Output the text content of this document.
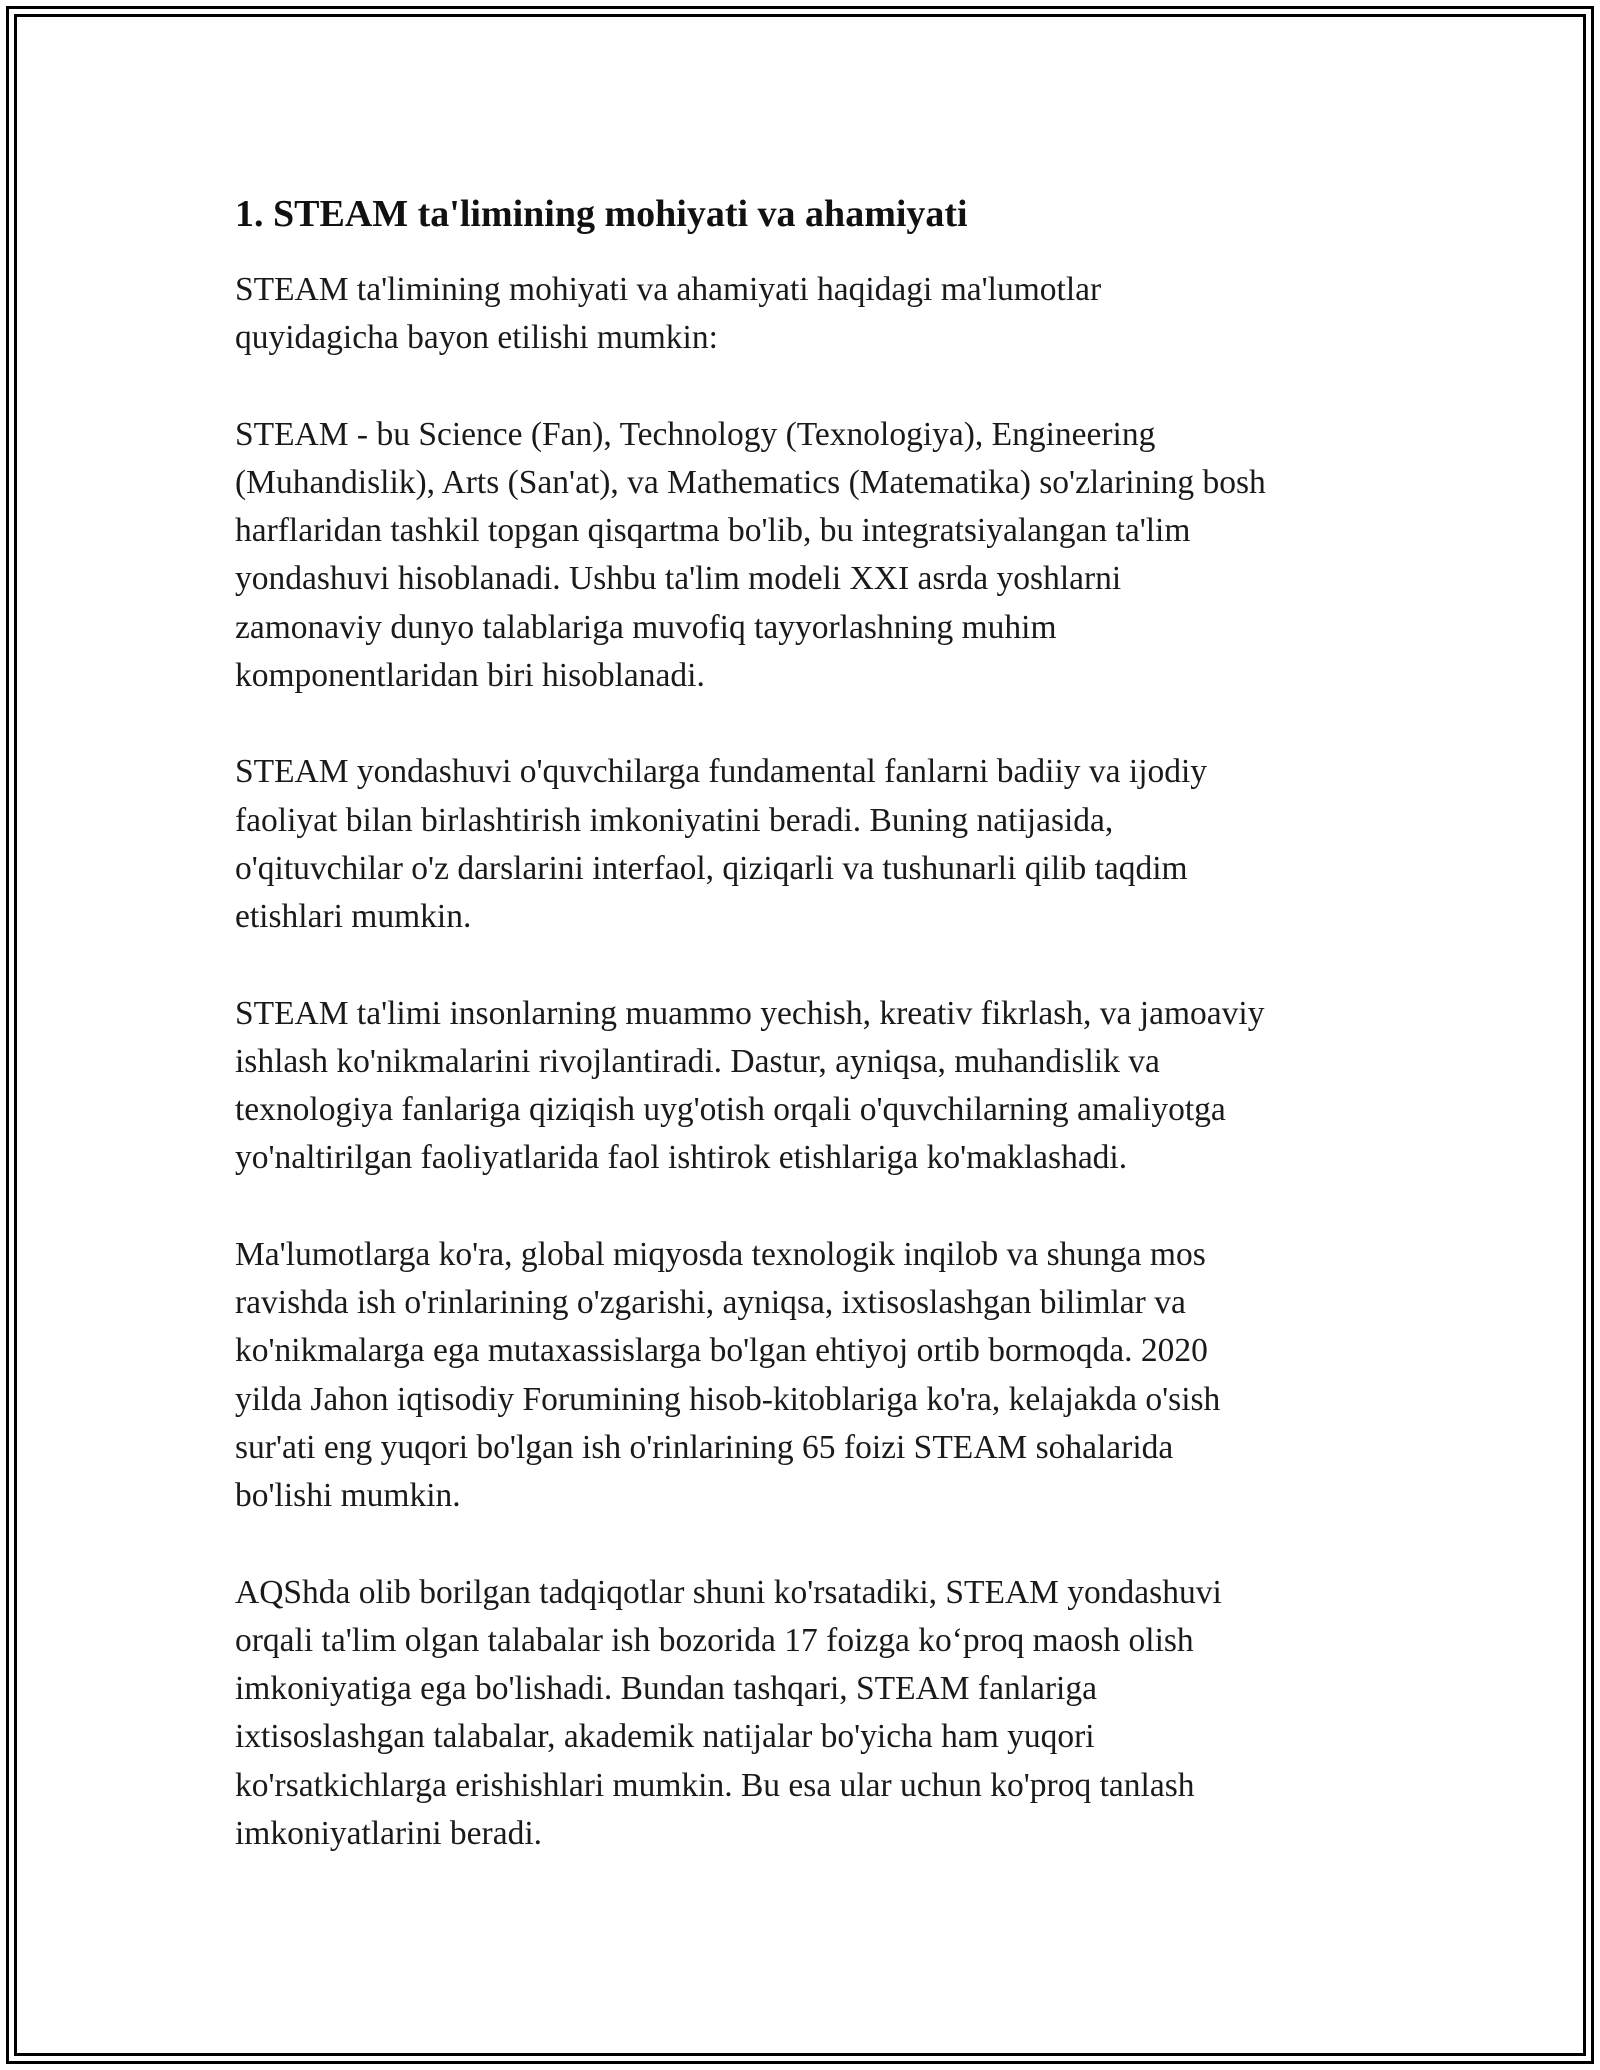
1. STEAM ta'limining mohiyati va ahamiyati
STEAM ta'limining mohiyati va ahamiyati haqidagi ma'lumotlar
quyidagicha bayon etilishi mumkin:
STEAM - bu Science (Fan), Technology (Texnologiya), Engineering
(Muhandislik), Arts (San'at), va Mathematics (Matematika) so'zlarining bosh
harflaridan tashkil topgan qisqartma bo'lib, bu integratsiyalangan ta'lim
yondashuvi hisoblanadi. Ushbu ta'lim modeli XXI asrda yoshlarni
zamonaviy dunyo talablariga muvofiq tayyorlashning muhim
komponentlaridan biri hisoblanadi.
STEAM yondashuvi o'quvchilarga fundamental fanlarni badiiy va ijodiy
faoliyat bilan birlashtirish imkoniyatini beradi. Buning natijasida,
o'qituvchilar o'z darslarini interfaol, qiziqarli va tushunarli qilib taqdim
etishlari mumkin.
STEAM ta'limi insonlarning muammo yechish, kreativ fikrlash, va jamoaviy
ishlash ko'nikmalarini rivojlantiradi. Dastur, ayniqsa, muhandislik va
texnologiya fanlariga qiziqish uyg'otish orqali o'quvchilarning amaliyotga
yo'naltirilgan faoliyatlarida faol ishtirok etishlariga ko'maklashadi.
Ma'lumotlarga ko'ra, global miqyosda texnologik inqilob va shunga mos
ravishda ish o'rinlarining o'zgarishi, ayniqsa, ixtisoslashgan bilimlar va
ko'nikmalarga ega mutaxassislarga bo'lgan ehtiyoj ortib bormoqda. 2020
yilda Jahon iqtisodiy Forumining hisob-kitoblariga ko'ra, kelajakda o'sish
sur'ati eng yuqori bo'lgan ish o'rinlarining 65 foizi STEAM sohalarida
bo'lishi mumkin.
AQShda olib borilgan tadqiqotlar shuni ko'rsatadiki, STEAM yondashuvi
orqali ta'lim olgan talabalar ish bozorida 17 foizga ko‘proq maosh olish
imkoniyatiga ega bo'lishadi. Bundan tashqari, STEAM fanlariga
ixtisoslashgan talabalar, akademik natijalar bo'yicha ham yuqori
ko'rsatkichlarga erishishlari mumkin. Bu esa ular uchun ko'proq tanlash
imkoniyatlarini beradi.
